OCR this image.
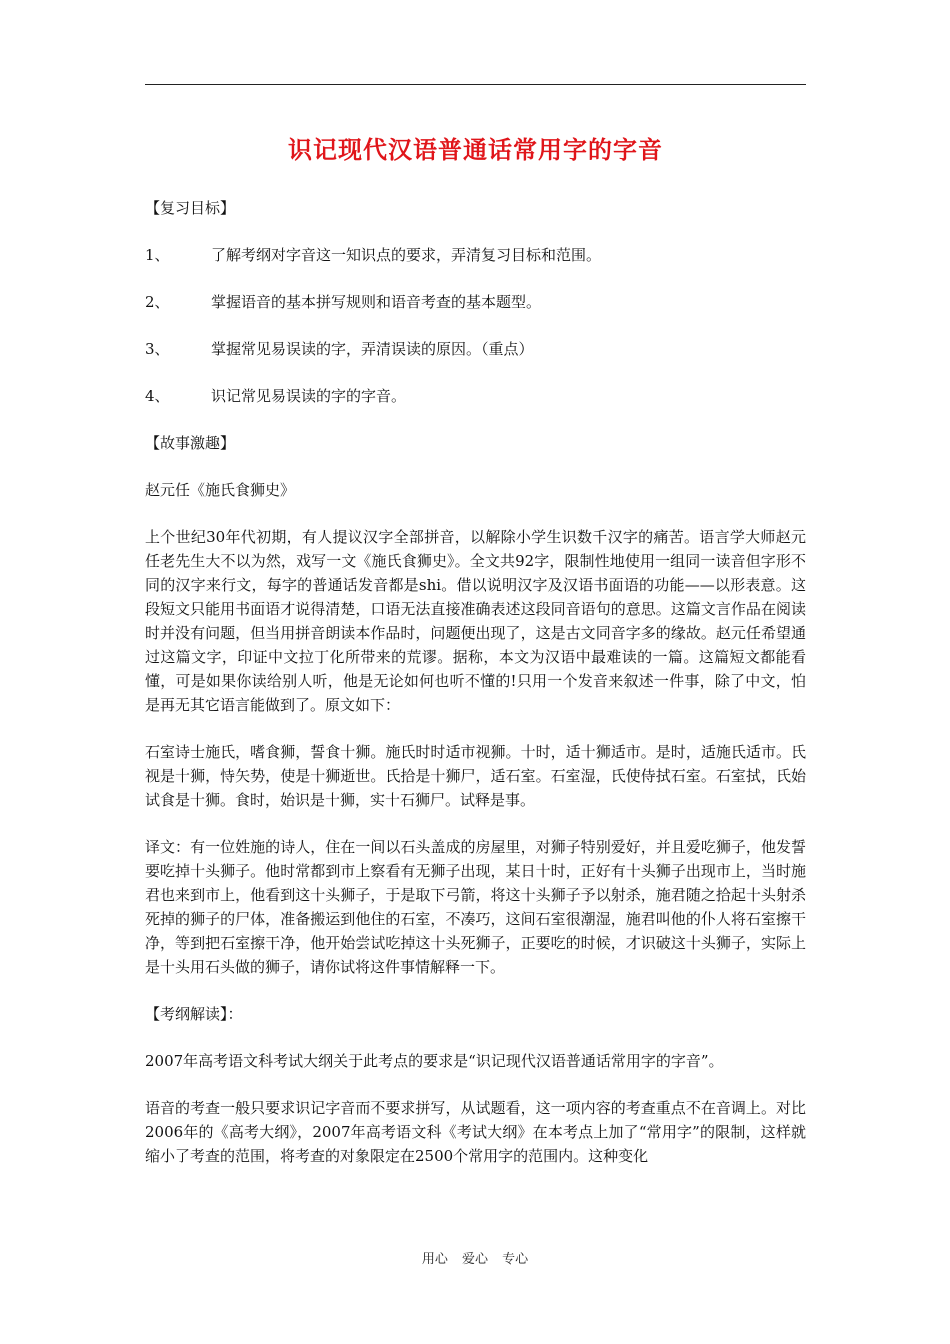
识记现代汉语普通话常用字的字音

【复习目标】

1、	了解考纲对字音这一知识点的要求，弄清复习目标和范围。
2、	掌握语音的基本拼写规则和语音考查的基本题型。
3、	掌握常见易误读的字，弄清误读的原因。（重点）
4、	识记常见易误读的字的字音。

【故事激趣】

赵元任《施氏食狮史》

上个世纪30年代初期，有人提议汉字全部拼音，以解除小学生识数千汉字的痛苦。语言学大师赵元任老先生大不以为然，戏写一文《施氏食狮史》。全文共92字，限制性地使用一组同一读音但字形不同的汉字来行文，每字的普通话发音都是shi。借以说明汉字及汉语书面语的功能——以形表意。这段短文只能用书面语才说得清楚，口语无法直接准确表述这段同音语句的意思。这篇文言作品在阅读时并没有问题，但当用拼音朗读本作品时，问题便出现了，这是古文同音字多的缘故。赵元任希望通过这篇文字，印证中文拉丁化所带来的荒谬。据称，本文为汉语中最难读的一篇。这篇短文都能看懂，可是如果你读给别人听，他是无论如何也听不懂的!只用一个发音来叙述一件事，除了中文，怕是再无其它语言能做到了。原文如下：

石室诗士施氏，嗜食狮，誓食十狮。施氏时时适市视狮。十时，适十狮适市。是时，适施氏适市。氏视是十狮，恃矢势，使是十狮逝世。氏拾是十狮尸，适石室。石室湿，氏使侍拭石室。石室拭，氏始试食是十狮。食时，始识是十狮，实十石狮尸。试释是事。

译文：有一位姓施的诗人，住在一间以石头盖成的房屋里，对狮子特别爱好，并且爱吃狮子，他发誓要吃掉十头狮子。他时常都到市上察看有无狮子出现，某日十时，正好有十头狮子出现市上，当时施君也来到市上，他看到这十头狮子，于是取下弓箭，将这十头狮子予以射杀，施君随之拾起十头射杀死掉的狮子的尸体，准备搬运到他住的石室，不凑巧，这间石室很潮湿，施君叫他的仆人将石室擦干净，等到把石室擦干净，他开始尝试吃掉这十头死狮子，正要吃的时候，才识破这十头狮子，实际上是十头用石头做的狮子，请你试将这件事情解释一下。

【考纲解读】：

2007年高考语文科考试大纲关于此考点的要求是“识记现代汉语普通话常用字的字音”。

语音的考查一般只要求识记字音而不要求拼写，从试题看，这一项内容的考查重点不在音调上。对比2006年的《高考大纲》，2007年高考语文科《考试大纲》在本考点上加了“常用字”的限制，这样就缩小了考查的范围，将考查的对象限定在2500个常用字的范围内。这种变化

用心 爱心 专心
